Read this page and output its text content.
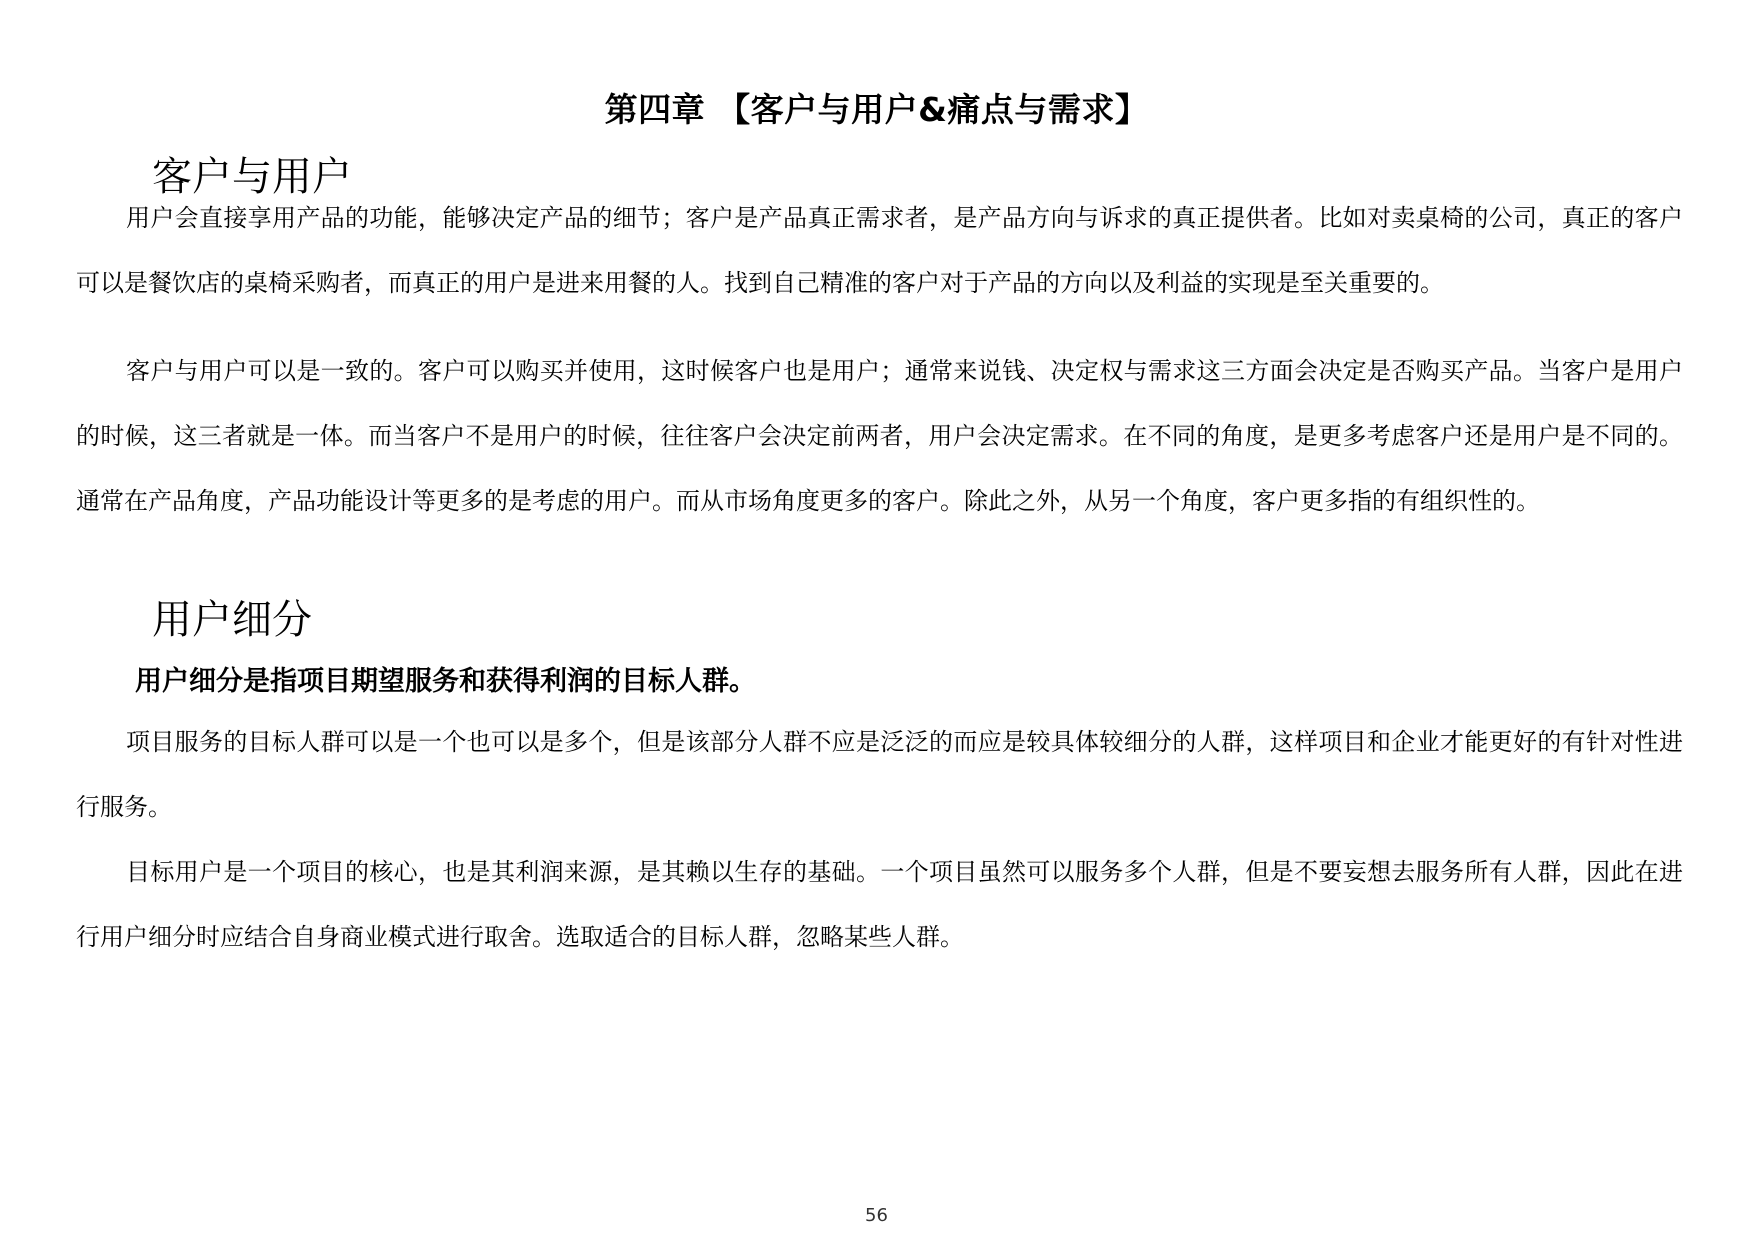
第四章 【客户与用户&痛点与需求】
客户与用户

用户会直接享用产品的功能，能够决定产品的细节；客户是产品真正需求者，是产品方向与诉求的真正提供者。比如对卖桌椅的公司，真正的客户可以是餐饮店的桌椅采购者，而真正的用户是进来用餐的人。找到自己精准的客户对于产品的方向以及利益的实现是至关重要的。

客户与用户可以是一致的。客户可以购买并使用，这时候客户也是用户；通常来说钱、决定权与需求这三方面会决定是否购买产品。当客户是用户的时候，这三者就是一体。而当客户不是用户的时候，往往客户会决定前两者，用户会决定需求。在不同的角度，是更多考虑客户还是用户是不同的。通常在产品角度，产品功能设计等更多的是考虑的用户。而从市场角度更多的客户。除此之外，从另一个角度，客户更多指的有组织性的。

用户细分
用户细分是指项目期望服务和获得利润的目标人群。

项目服务的目标人群可以是一个也可以是多个，但是该部分人群不应是泛泛的而应是较具体较细分的人群，这样项目和企业才能更好的有针对性进行服务。

目标用户是一个项目的核心，也是其利润来源，是其赖以生存的基础。一个项目虽然可以服务多个人群，但是不要妄想去服务所有人群，因此在进行用户细分时应结合自身商业模式进行取舍。选取适合的目标人群，忽略某些人群。

56
